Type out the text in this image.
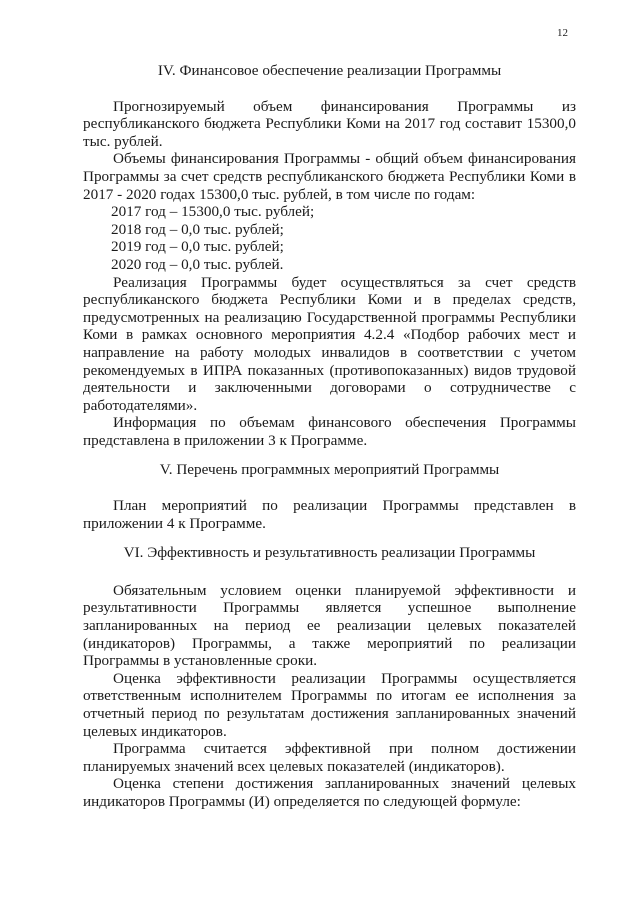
12
IV. Финансовое обеспечение реализации Программы

Прогнозируемый объем финансирования Программы из республиканского бюджета Республики Коми на 2017 год составит 15300,0 тыс. рублей.

Объемы финансирования Программы - общий объем финансирования Программы за счет средств республиканского бюджета Республики Коми в 2017 - 2020 годах 15300,0 тыс. рублей, в том числе по годам:

2017 год – 15300,0 тыс. рублей;
2018 год – 0,0 тыс. рублей;
2019 год – 0,0 тыс. рублей;
2020 год – 0,0 тыс. рублей.

Реализация Программы будет осуществляться за счет средств республиканского бюджета Республики Коми и в пределах средств, предусмотренных на реализацию Государственной программы Республики Коми в рамках основного мероприятия 4.2.4 «Подбор рабочих мест и направление на работу молодых инвалидов в соответствии с учетом рекомендуемых в ИПРА показанных (противопоказанных) видов трудовой деятельности и заключенными договорами о сотрудничестве с работодателями».

Информация по объемам финансового обеспечения Программы представлена в приложении 3 к Программе.

V. Перечень программных мероприятий Программы

План мероприятий по реализации Программы представлен в приложении 4 к Программе.

VI. Эффективность и результативность реализации Программы

Обязательным условием оценки планируемой эффективности и результативности Программы является успешное выполнение запланированных на период ее реализации целевых показателей (индикаторов) Программы, а также мероприятий по реализации Программы в установленные сроки.

Оценка эффективности реализации Программы осуществляется ответственным исполнителем Программы по итогам ее исполнения за отчетный период по результатам достижения запланированных значений целевых индикаторов.

Программа считается эффективной при полном достижении планируемых значений всех целевых показателей (индикаторов).

Оценка степени достижения запланированных значений целевых индикаторов Программы (И) определяется по следующей формуле:
